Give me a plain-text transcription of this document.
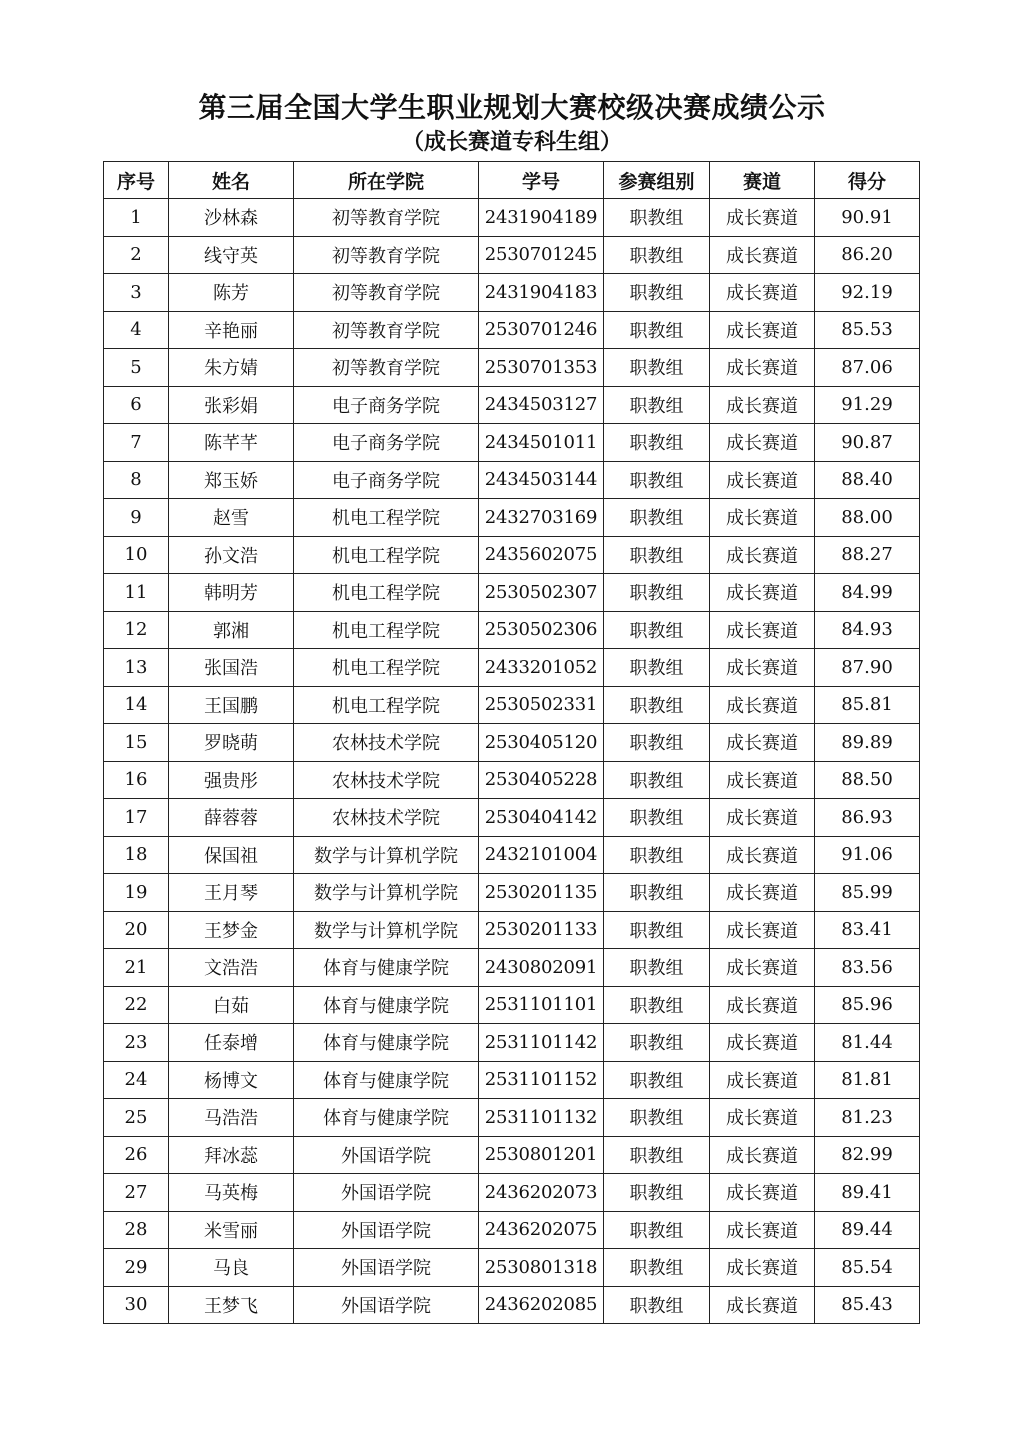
第三届全国大学生职业规划大赛校级决赛成绩公示
（成长赛道专科生组）
序号	姓名	所在学院	学号	参赛组别	赛道	得分
1	沙林森	初等教育学院	2431904189	职教组	成长赛道	90.91
2	线守英	初等教育学院	2530701245	职教组	成长赛道	86.20
3	陈芳	初等教育学院	2431904183	职教组	成长赛道	92.19
4	辛艳丽	初等教育学院	2530701246	职教组	成长赛道	85.53
5	朱方婧	初等教育学院	2530701353	职教组	成长赛道	87.06
6	张彩娟	电子商务学院	2434503127	职教组	成长赛道	91.29
7	陈芊芊	电子商务学院	2434501011	职教组	成长赛道	90.87
8	郑玉娇	电子商务学院	2434503144	职教组	成长赛道	88.40
9	赵雪	机电工程学院	2432703169	职教组	成长赛道	88.00
10	孙文浩	机电工程学院	2435602075	职教组	成长赛道	88.27
11	韩明芳	机电工程学院	2530502307	职教组	成长赛道	84.99
12	郭湘	机电工程学院	2530502306	职教组	成长赛道	84.93
13	张国浩	机电工程学院	2433201052	职教组	成长赛道	87.90
14	王国鹏	机电工程学院	2530502331	职教组	成长赛道	85.81
15	罗晓萌	农林技术学院	2530405120	职教组	成长赛道	89.89
16	强贵彤	农林技术学院	2530405228	职教组	成长赛道	88.50
17	薛蓉蓉	农林技术学院	2530404142	职教组	成长赛道	86.93
18	保国祖	数学与计算机学院	2432101004	职教组	成长赛道	91.06
19	王月琴	数学与计算机学院	2530201135	职教组	成长赛道	85.99
20	王梦金	数学与计算机学院	2530201133	职教组	成长赛道	83.41
21	文浩浩	体育与健康学院	2430802091	职教组	成长赛道	83.56
22	白茹	体育与健康学院	2531101101	职教组	成长赛道	85.96
23	任泰增	体育与健康学院	2531101142	职教组	成长赛道	81.44
24	杨博文	体育与健康学院	2531101152	职教组	成长赛道	81.81
25	马浩浩	体育与健康学院	2531101132	职教组	成长赛道	81.23
26	拜冰蕊	外国语学院	2530801201	职教组	成长赛道	82.99
27	马英梅	外国语学院	2436202073	职教组	成长赛道	89.41
28	米雪丽	外国语学院	2436202075	职教组	成长赛道	89.44
29	马良	外国语学院	2530801318	职教组	成长赛道	85.54
30	王梦飞	外国语学院	2436202085	职教组	成长赛道	85.43
